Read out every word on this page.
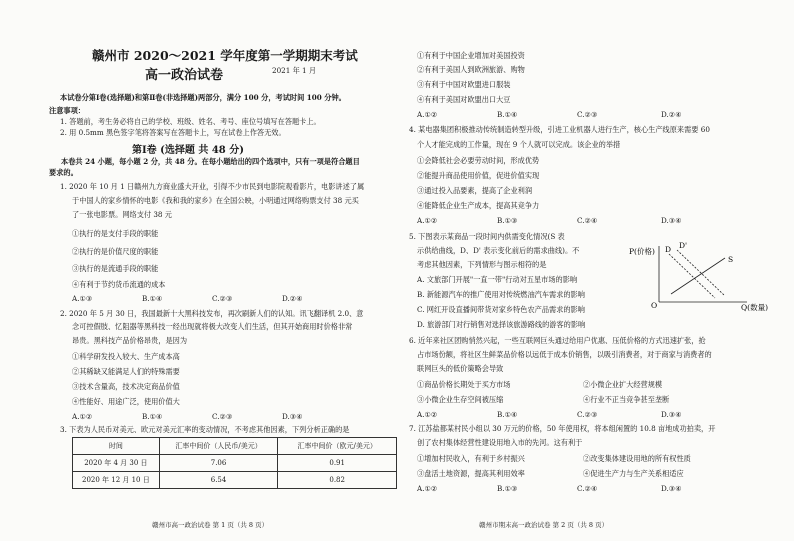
赣州市 2020～2021 学年度第一学期期末考试
高一政治试卷	2021 年 1 月
本试卷分第Ⅰ卷(选择题)和第Ⅱ卷(非选择题)两部分，满分 100 分，考试时间 100 分钟。
注意事项：
1. 答题前，考生务必将自己的学校、班级、姓名、考号、座位号填写在答题卡上。
2. 用 0.5mm 黑色签字笔将答案写在答题卡上，写在试卷上作答无效。
第Ⅰ卷 (选择题 共 48 分)
本卷共 24 小题，每小题 2 分，共 48 分。在每小题给出的四个选项中，只有一项是符合题目
要求的。
1. 2020 年 10 月 1 日赣州九方商业盛大开业，引得不少市民到电影院观看影片，电影讲述了属
于中国人的家乡情怀的电影《我和我的家乡》在全国公映，小明通过网络购票支付 38 元买
了一张电影票。网络支付 38 元
①执行的是支付手段的职能
②执行的是价值尺度的职能
③执行的是流通手段的职能
④有利于节约货币流通的成本
A.①③	B.①④	C.②③	D.②④
2. 2020 年 5 月 30 日，我国最新十大黑科技发布，再次刷新人们的认知。讯飞翻译机 2.0、意
念可控假肢、忆阻器等黑科技一经出现就将极大改变人们生活，但其开始商用时价格非常
昂贵。黑科技产品价格昂贵，是因为
①科学研发投入较大、生产成本高
②其稀缺又能满足人们的特殊需要
③技术含量高，技术决定商品价值
④性能好、用途广泛，使用价值大
A.①②	B.①④	C.②③	D.③④
3. 下表为人民币对美元、欧元对美元汇率的变动情况，不考虑其他因素，下列分析正确的是
时间	汇率中间价（人民币/美元）	汇率中间价（欧元/美元）
2020 年 4 月 30 日	7.06	0.91
2020 年 12 月 10 日	6.54	0.82
赣州市高一政治试卷 第 1 页（共 8 页）
①有利于中国企业增加对美国投资
②有利于美国人到欧洲旅游、购物
③有利于中国对欧盟进口服装
④有利于美国对欧盟出口大豆
A.①②	B.①④	C.②③	D.②④
4. 某电器集团积极推动传统制造转型升级，引进工业机器人进行生产，核心生产线原来需要 60
个人才能完成的工作量，现在 9 个人就可以完成。该企业的举措
①会降低社会必要劳动时间，形成优势
②能提升商品使用价值，促进价值实现
③通过投入品要素，提高了企业利润
④能降低企业生产成本，提高其竞争力
A.①②	B.①③	C.②④	D.③④
5. 下图表示某商品一段时间内供需变化情况(S 表
示供给曲线，D、D' 表示变化前后的需求曲线)。不
考虑其他因素，下列情形与图示相符的是
A. 文旅部门开展"一直一带"行动对五星市场的影响
B. 新能源汽车的推广使用对传统燃油汽车需求的影响
C. 网红开设直播间带货对家乡特色农产品需求的影响
D. 旅游部门对行销售对选择该旅游路线的游客的影响
P(价格)
Q(数量)
O
D'
D
S
6. 近年来社区团购悄然兴起，一些互联网巨头通过给用户优惠、压低价格的方式迅速扩张，抢
占市场份额，将社区生鲜菜品价格以远低于成本价销售，以吸引消费者，对于商家与消费者的
联网巨头的低价策略会导致
①商品价格长期处于买方市场	②小微企业扩大经营规模
③小微企业生存空间被压缩	④行业不正当竞争甚至垄断
A.①②	B.①④	C.②③	D.③④
7. 江苏盐都某村民小组以 30 万元的价格，50 年使用权，将本组闲置的 10.8 亩地成功拍卖，开
创了农村集体经营性建设用地入市的先河。这有利于
①增加村民收入，有利于乡村振兴	②改变集体建设用地的所有权性质
③盘活土地资源，提高其利用效率	④促进生产力与生产关系相适应
A.①②	B.①③	C.②④	D.③④
赣州市期末高一政治试卷 第 2 页（共 8 页）
